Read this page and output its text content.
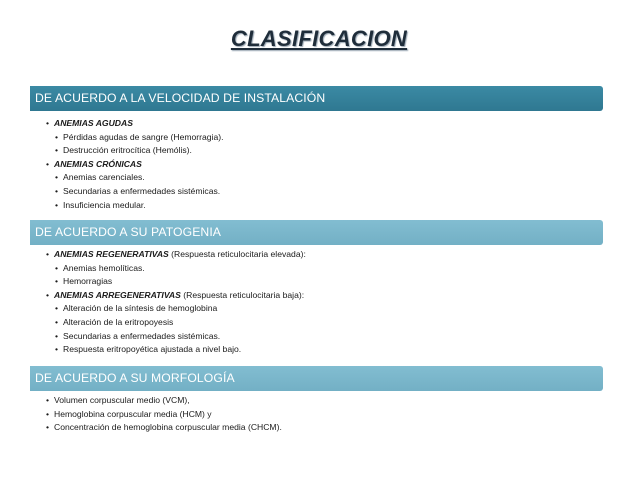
CLASIFICACION
DE ACUERDO A LA VELOCIDAD DE INSTALACIÓN
• ANEMIAS AGUDAS
• Pérdidas agudas de sangre (Hemorragia).
• Destrucción eritrocítica (Hemólis).
• ANEMIAS CRÓNICAS
• Anemias carenciales.
• Secundarias a enfermedades sistémicas.
• Insuficiencia medular.
DE ACUERDO A SU PATOGENIA
• ANEMIAS REGENERATIVAS (Respuesta reticulocitaria elevada):
• Anemias hemolíticas.
• Hemorragias
• ANEMIAS ARREGENERATIVAS (Respuesta reticulocitaria baja):
• Alteración de la síntesis de hemoglobina
• Alteración de la eritropoyesis
• Secundarias a enfermedades sistémicas.
• Respuesta eritropoyética ajustada a nivel bajo.
DE ACUERDO A SU MORFOLOGÍA
• Volumen corpuscular medio (VCM),
• Hemoglobina corpuscular media (HCM) y
• Concentración de hemoglobina corpuscular media (CHCM).
